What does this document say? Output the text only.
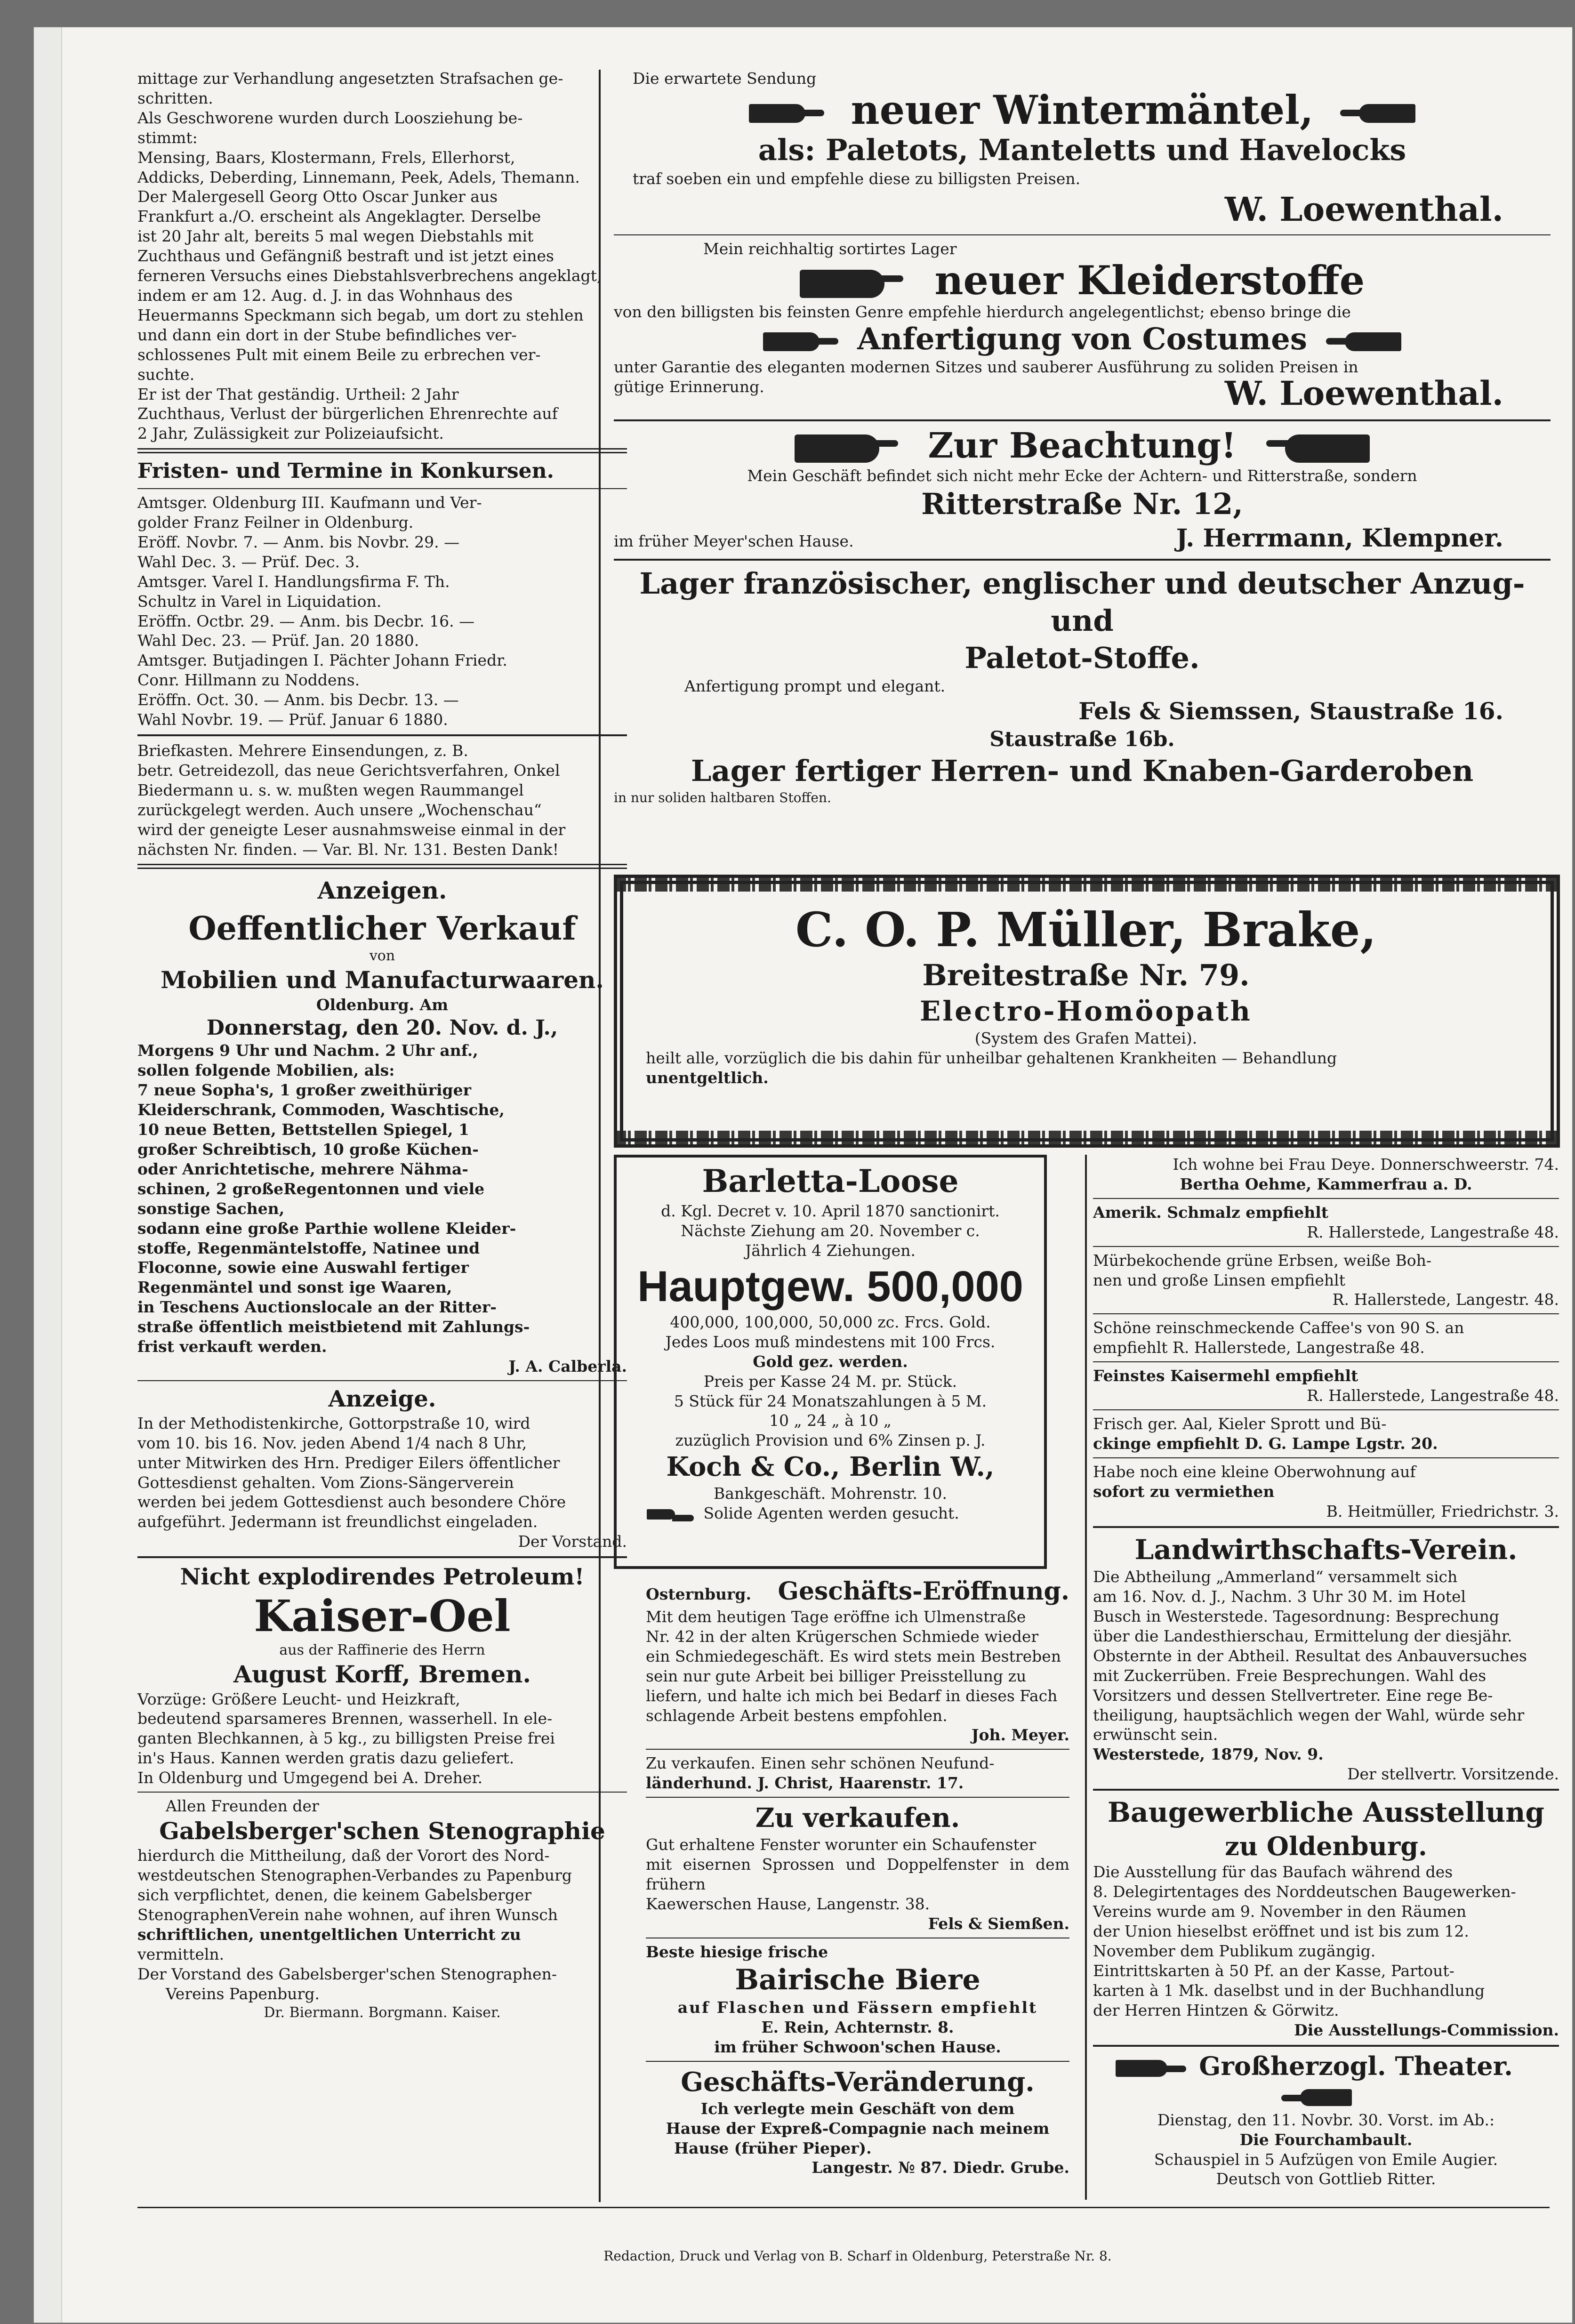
mittage zur Verhandlung angesetzten Strafsachen ge-

schritten.

Als Geschworene wurden durch Loosziehung be-

stimmt:

Mensing, Baars, Klostermann, Frels, Ellerhorst,

Addicks, Deberding, Linnemann, Peek, Adels, Themann.

Der Malergesell Georg Otto Oscar Junker aus

Frankfurt a./O. erscheint als Angeklagter. Derselbe

ist 20 Jahr alt, bereits 5 mal wegen Diebstahls mit

Zuchthaus und Gefängniß bestraft und ist jetzt eines

ferneren Versuchs eines Diebstahlsverbrechens angeklagt,

indem er am 12. Aug. d. J. in das Wohnhaus des

Heuermanns Speckmann sich begab, um dort zu stehlen

und dann ein dort in der Stube befindliches ver-

schlossenes Pult mit einem Beile zu erbrechen ver-

suchte.

Er ist der That geständig. Urtheil: 2 Jahr

Zuchthaus, Verlust der bürgerlichen Ehrenrechte auf

2 Jahr, Zulässigkeit zur Polizeiaufsicht.

Fristen- und Termine in Konkursen.

Amtsger. Oldenburg III. Kaufmann und Ver-

golder Franz Feilner in Oldenburg.

Eröff. Novbr. 7. — Anm. bis Novbr. 29. —

Wahl Dec. 3. — Prüf. Dec. 3.

Amtsger. Varel I. Handlungsfirma F. Th.

Schultz in Varel in Liquidation.

Eröffn. Octbr. 29. — Anm. bis Decbr. 16. —

Wahl Dec. 23. — Prüf. Jan. 20 1880.

Amtsger. Butjadingen I. Pächter Johann Friedr.

Conr. Hillmann zu Noddens.

Eröffn. Oct. 30. — Anm. bis Decbr. 13. —

Wahl Novbr. 19. — Prüf. Januar 6 1880.

Briefkasten. Mehrere Einsendungen, z. B.

betr. Getreidezoll, das neue Gerichtsverfahren, Onkel

Biedermann u. s. w. mußten wegen Raummangel

zurückgelegt werden. Auch unsere „Wochenschau“

wird der geneigte Leser ausnahmsweise einmal in der

nächsten Nr. finden. — Var. Bl. Nr. 131. Besten Dank!

Anzeigen.

Oeffentlicher Verkauf

von

Mobilien und Manufacturwaaren.

Oldenburg. Am

Donnerstag, den 20. Nov. d. J.,

Morgens 9 Uhr und Nachm. 2 Uhr anf.,

sollen folgende Mobilien, als:

7 neue Sopha's, 1 großer zweithüriger

Kleiderschrank, Commoden, Waschtische,

10 neue Betten, Bettstellen Spiegel, 1

großer Schreibtisch, 10 große Küchen-

oder Anrichtetische, mehrere Nähma-

schinen, 2 großeRegentonnen und viele

sonstige Sachen,

sodann eine große Parthie wollene Kleider-

stoffe, Regenmäntelstoffe, Natinee und

Floconne, sowie eine Auswahl fertiger

Regenmäntel und sonst ige Waaren,

in Teschens Auctionslocale an der Ritter-

straße öffentlich meistbietend mit Zahlungs-

frist verkauft werden.

J. A. Calberla.

Anzeige.

In der Methodistenkirche, Gottorpstraße 10, wird

vom 10. bis 16. Nov. jeden Abend 1/4 nach 8 Uhr,

unter Mitwirken des Hrn. Prediger Eilers öffentlicher

Gottesdienst gehalten. Vom Zions-Sängerverein

werden bei jedem Gottesdienst auch besondere Chöre

aufgeführt. Jedermann ist freundlichst eingeladen.

Der Vorstand.

Nicht explodirendes Petroleum!

Kaiser-Oel

aus der Raffinerie des Herrn

August Korff, Bremen.

Vorzüge: Größere Leucht- und Heizkraft,

bedeutend sparsameres Brennen, wasserhell. In ele-

ganten Blechkannen, à 5 kg., zu billigsten Preise frei

in's Haus. Kannen werden gratis dazu geliefert.

In Oldenburg und Umgegend bei A. Dreher.

Allen Freunden der

Gabelsberger'schen Stenographie

hierdurch die Mittheilung, daß der Vorort des Nord-

westdeutschen Stenographen-Verbandes zu Papenburg

sich verpflichtet, denen, die keinem Gabelsberger

StenographenVerein nahe wohnen, auf ihren Wunsch

schriftlichen, unentgeltlichen Unterricht zu

vermitteln.

Der Vorstand des Gabelsberger'schen Stenographen-

Vereins Papenburg.

Dr. Biermann. Borgmann. Kaiser.

Die erwartete Sendung

neuer Wintermäntel,

als: Paletots, Manteletts und Havelocks

traf soeben ein und empfehle diese zu billigsten Preisen.

W. Loewenthal.

Mein reichhaltig sortirtes Lager

neuer Kleiderstoffe

von den billigsten bis feinsten Genre empfehle hierdurch angelegentlichst; ebenso bringe die

Anfertigung von Costumes

unter Garantie des eleganten modernen Sitzes und sauberer Ausführung zu soliden Preisen in

gütige Erinnerung.	W. Loewenthal.

Zur Beachtung!

Mein Geschäft befindet sich nicht mehr Ecke der Achtern- und Ritterstraße, sondern

Ritterstraße Nr. 12,

im früher Meyer'schen Hause.	J. Herrmann, Klempner.

Lager französischer, englischer und deutscher Anzug- und

Paletot-Stoffe.

Anfertigung prompt und elegant.

Fels & Siemssen, Staustraße 16.

Staustraße 16b.

Lager fertiger Herren- und Knaben-Garderoben

in nur soliden haltbaren Stoffen.

C. O. P. Müller, Brake,

Breitestraße Nr. 79.

Electro-Homöopath

(System des Grafen Mattei).

heilt alle, vorzüglich die bis dahin für unheilbar gehaltenen Krankheiten — Behandlung

unentgeltlich.

Barletta-Loose

d. Kgl. Decret v. 10. April 1870 sanctionirt.

Nächste Ziehung am 20. November c.

Jährlich 4 Ziehungen.

Hauptgew. 500,000

400,000, 100,000, 50,000 zc. Frcs. Gold.

Jedes Loos muß mindestens mit 100 Frcs.

Gold gez. werden.

Preis per Kasse 24 M. pr. Stück.

5 Stück für 24 Monatszahlungen à 5 M.

10 „ 24 „ à 10 „

zuzüglich Provision und 6% Zinsen p. J.

Koch & Co., Berlin W.,

Bankgeschäft. Mohrenstr. 10.

Solide Agenten werden gesucht.

Ich wohne bei Frau Deye. Donnerschweerstr. 74.

Bertha Oehme, Kammerfrau a. D.

Amerik. Schmalz empfiehlt

R. Hallerstede, Langestraße 48.

Mürbekochende grüne Erbsen, weiße Boh-

nen und große Linsen empfiehlt

R. Hallerstede, Langestr. 48.

Schöne reinschmeckende Caffee's von 90 S. an

empfiehlt R. Hallerstede, Langestraße 48.

Feinstes Kaisermehl empfiehlt

R. Hallerstede, Langestraße 48.

Frisch ger. Aal, Kieler Sprott und Bü-

ckinge empfiehlt D. G. Lampe Lgstr. 20.

Habe noch eine kleine Oberwohnung auf

sofort zu vermiethen

B. Heitmüller, Friedrichstr. 3.

Landwirthschafts-Verein.

Die Abtheilung „Ammerland“ versammelt sich

am 16. Nov. d. J., Nachm. 3 Uhr 30 M. im Hotel

Busch in Westerstede. Tagesordnung: Besprechung

über die Landesthierschau, Ermittelung der diesjähr.

Obsternte in der Abtheil. Resultat des Anbauversuches

mit Zuckerrüben. Freie Besprechungen. Wahl des

Vorsitzers und dessen Stellvertreter. Eine rege Be-

theiligung, hauptsächlich wegen der Wahl, würde sehr

erwünscht sein.

Westerstede, 1879, Nov. 9.

Der stellvertr. Vorsitzende.

Baugewerbliche Ausstellung

zu Oldenburg.

Die Ausstellung für das Baufach während des

8. Delegirtentages des Norddeutschen Baugewerken-

Vereins wurde am 9. November in den Räumen

der Union hieselbst eröffnet und ist bis zum 12.

November dem Publikum zugängig.

Eintrittskarten à 50 Pf. an der Kasse, Partout-

karten à 1 Mk. daselbst und in der Buchhandlung

der Herren Hintzen & Görwitz.

Die Ausstellungs-Commission.

Großherzogl. Theater.

Dienstag, den 11. Novbr. 30. Vorst. im Ab.:

Die Fourchambault.

Schauspiel in 5 Aufzügen von Emile Augier.

Deutsch von Gottlieb Ritter.

Osternburg. Geschäfts-Eröffnung.

Mit dem heutigen Tage eröffne ich Ulmenstraße

Nr. 42 in der alten Krügerschen Schmiede wieder

ein Schmiedegeschäft. Es wird stets mein Bestreben

sein nur gute Arbeit bei billiger Preisstellung zu

liefern, und halte ich mich bei Bedarf in dieses Fach

schlagende Arbeit bestens empfohlen.

Joh. Meyer.

Zu verkaufen. Einen sehr schönen Neufund-

länderhund. J. Christ, Haarenstr. 17.

Zu verkaufen.

Gut erhaltene Fenster worunter ein Schaufenster

mit eisernen Sprossen und Doppelfenster in dem frühern

Kaewerschen Hause, Langenstr. 38.

Fels & Siemßen.

Beste hiesige frische

Bairische Biere

auf Flaschen und Fässern empfiehlt

E. Rein, Achternstr. 8.

im früher Schwoon'schen Hause.

Geschäfts-Veränderung.

Ich verlegte mein Geschäft von dem

Hause der Expreß-Compagnie nach meinem

Hause (früher Pieper).

Langestr. № 87. Diedr. Grube.

Redaction, Druck und Verlag von B. Scharf in Oldenburg, Peterstraße Nr. 8.
